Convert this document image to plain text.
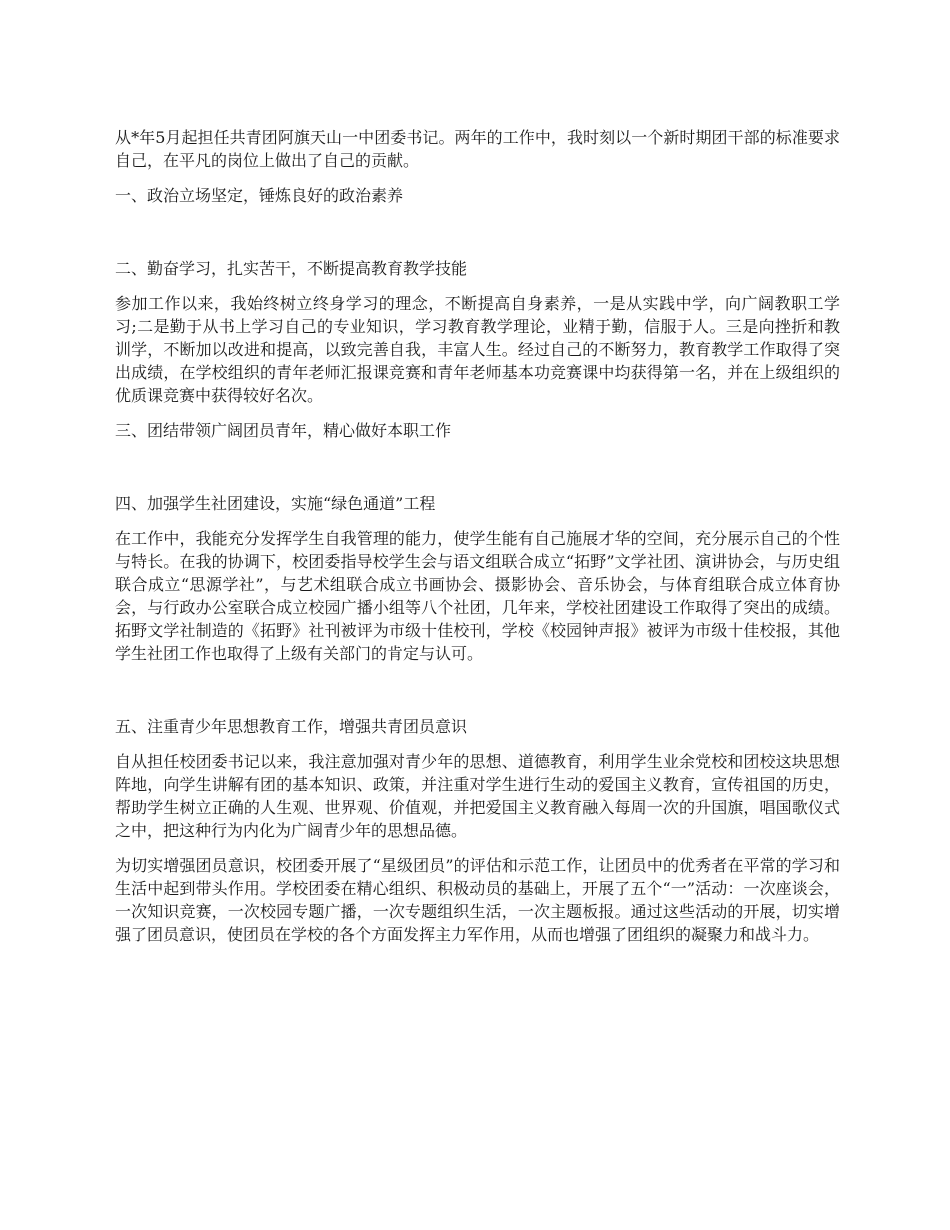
从*年5月起担任共青团阿旗天山一中团委书记。两年的工作中，我时刻以一个新时期团干部的标准要求自己，在平凡的岗位上做出了自己的贡献。

一、政治立场坚定，锤炼良好的政治素养

二、勤奋学习，扎实苦干，不断提高教育教学技能

参加工作以来，我始终树立终身学习的理念，不断提高自身素养，一是从实践中学，向广阔教职工学习;二是勤于从书上学习自己的专业知识，学习教育教学理论，业精于勤，信服于人。三是向挫折和教训学，不断加以改进和提高，以致完善自我，丰富人生。经过自己的不断努力，教育教学工作取得了突出成绩，在学校组织的青年老师汇报课竞赛和青年老师基本功竞赛课中均获得第一名，并在上级组织的优质课竞赛中获得较好名次。

三、团结带领广阔团员青年，精心做好本职工作

四、加强学生社团建设，实施“绿色通道”工程

在工作中，我能充分发挥学生自我管理的能力，使学生能有自己施展才华的空间，充分展示自己的个性与特长。在我的协调下，校团委指导校学生会与语文组联合成立“拓野”文学社团、演讲协会，与历史组联合成立“思源学社”，与艺术组联合成立书画协会、摄影协会、音乐协会，与体育组联合成立体育协会，与行政办公室联合成立校园广播小组等八个社团，几年来，学校社团建设工作取得了突出的成绩。拓野文学社制造的《拓野》社刊被评为市级十佳校刊，学校《校园钟声报》被评为市级十佳校报，其他学生社团工作也取得了上级有关部门的肯定与认可。

五、注重青少年思想教育工作，增强共青团员意识

自从担任校团委书记以来，我注意加强对青少年的思想、道德教育，利用学生业余党校和团校这块思想阵地，向学生讲解有团的基本知识、政策，并注重对学生进行生动的爱国主义教育，宣传祖国的历史，帮助学生树立正确的人生观、世界观、价值观，并把爱国主义教育融入每周一次的升国旗，唱国歌仪式之中，把这种行为内化为广阔青少年的思想品德。

为切实增强团员意识，校团委开展了“星级团员”的评估和示范工作，让团员中的优秀者在平常的学习和生活中起到带头作用。学校团委在精心组织、积极动员的基础上，开展了五个“一”活动：一次座谈会，一次知识竞赛，一次校园专题广播，一次专题组织生活，一次主题板报。通过这些活动的开展，切实增强了团员意识，使团员在学校的各个方面发挥主力军作用，从而也增强了团组织的凝聚力和战斗力。
